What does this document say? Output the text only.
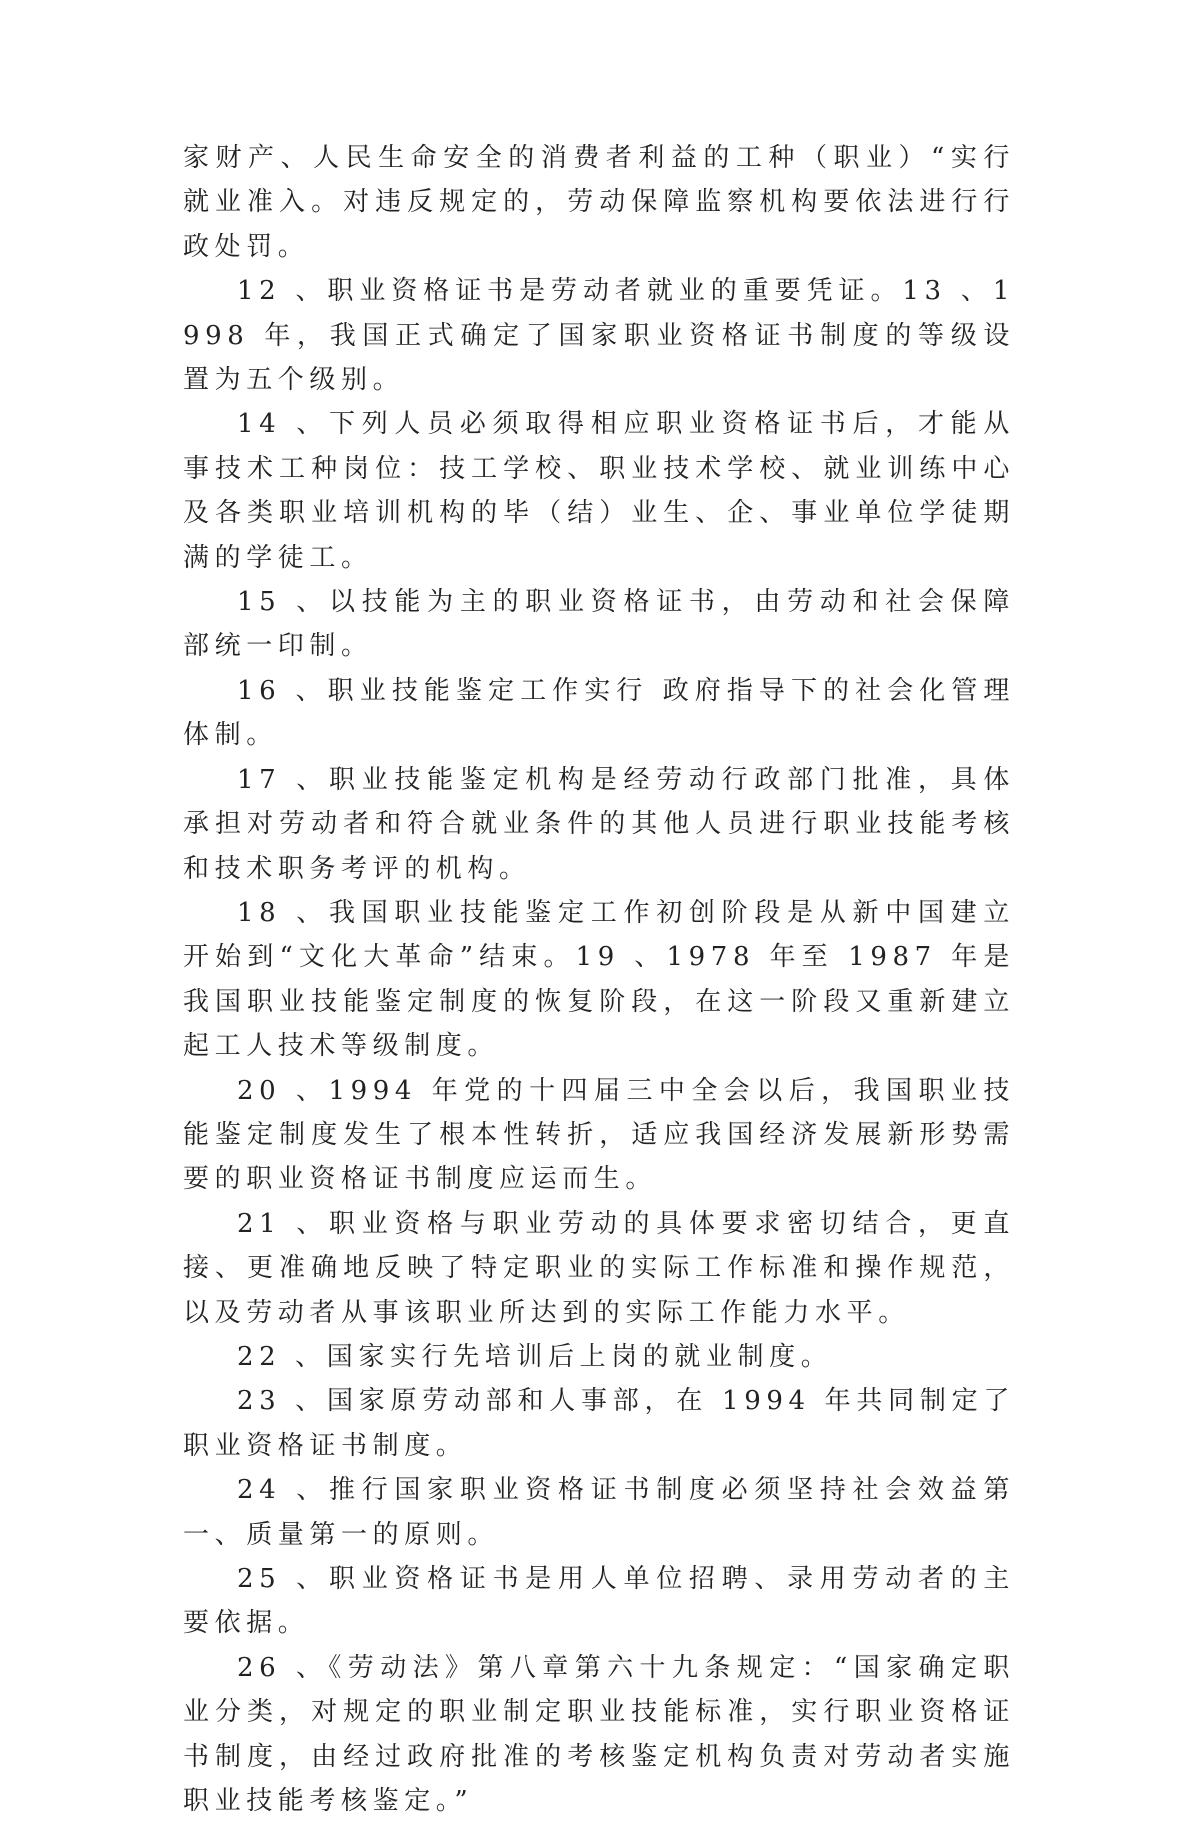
家财产、人民生命安全的消费者利益的工种（职业）“实行就业准入。对违反规定的，劳动保障监察机构要依法进行行政处罚。

12 、职业资格证书是劳动者就业的重要凭证。13 、1998 年，我国正式确定了国家职业资格证书制度的等级设置为五个级别。

14 、下列人员必须取得相应职业资格证书后，才能从事技术工种岗位：技工学校、职业技术学校、就业训练中心及各类职业培训机构的毕（结）业生、企、事业单位学徒期满的学徒工。

15 、以技能为主的职业资格证书，由劳动和社会保障部统一印制。

16 、职业技能鉴定工作实行 政府指导下的社会化管理体制。

17 、职业技能鉴定机构是经劳动行政部门批准，具体承担对劳动者和符合就业条件的其他人员进行职业技能考核和技术职务考评的机构。

18 、我国职业技能鉴定工作初创阶段是从新中国建立开始到“文化大革命”结束。19 、1978 年至 1987 年是我国职业技能鉴定制度的恢复阶段，在这一阶段又重新建立起工人技术等级制度。

20 、1994 年党的十四届三中全会以后，我国职业技能鉴定制度发生了根本性转折，适应我国经济发展新形势需要的职业资格证书制度应运而生。

21 、职业资格与职业劳动的具体要求密切结合，更直接、更准确地反映了特定职业的实际工作标准和操作规范，以及劳动者从事该职业所达到的实际工作能力水平。

22 、国家实行先培训后上岗的就业制度。

23 、国家原劳动部和人事部，在 1994 年共同制定了职业资格证书制度。

24 、推行国家职业资格证书制度必须坚持社会效益第一、质量第一的原则。

25 、职业资格证书是用人单位招聘、录用劳动者的主要依据。

26 、《劳动法》第八章第六十九条规定：“国家确定职业分类，对规定的职业制定职业技能标准，实行职业资格证书制度，由经过政府批准的考核鉴定机构负责对劳动者实施职业技能考核鉴定。”
